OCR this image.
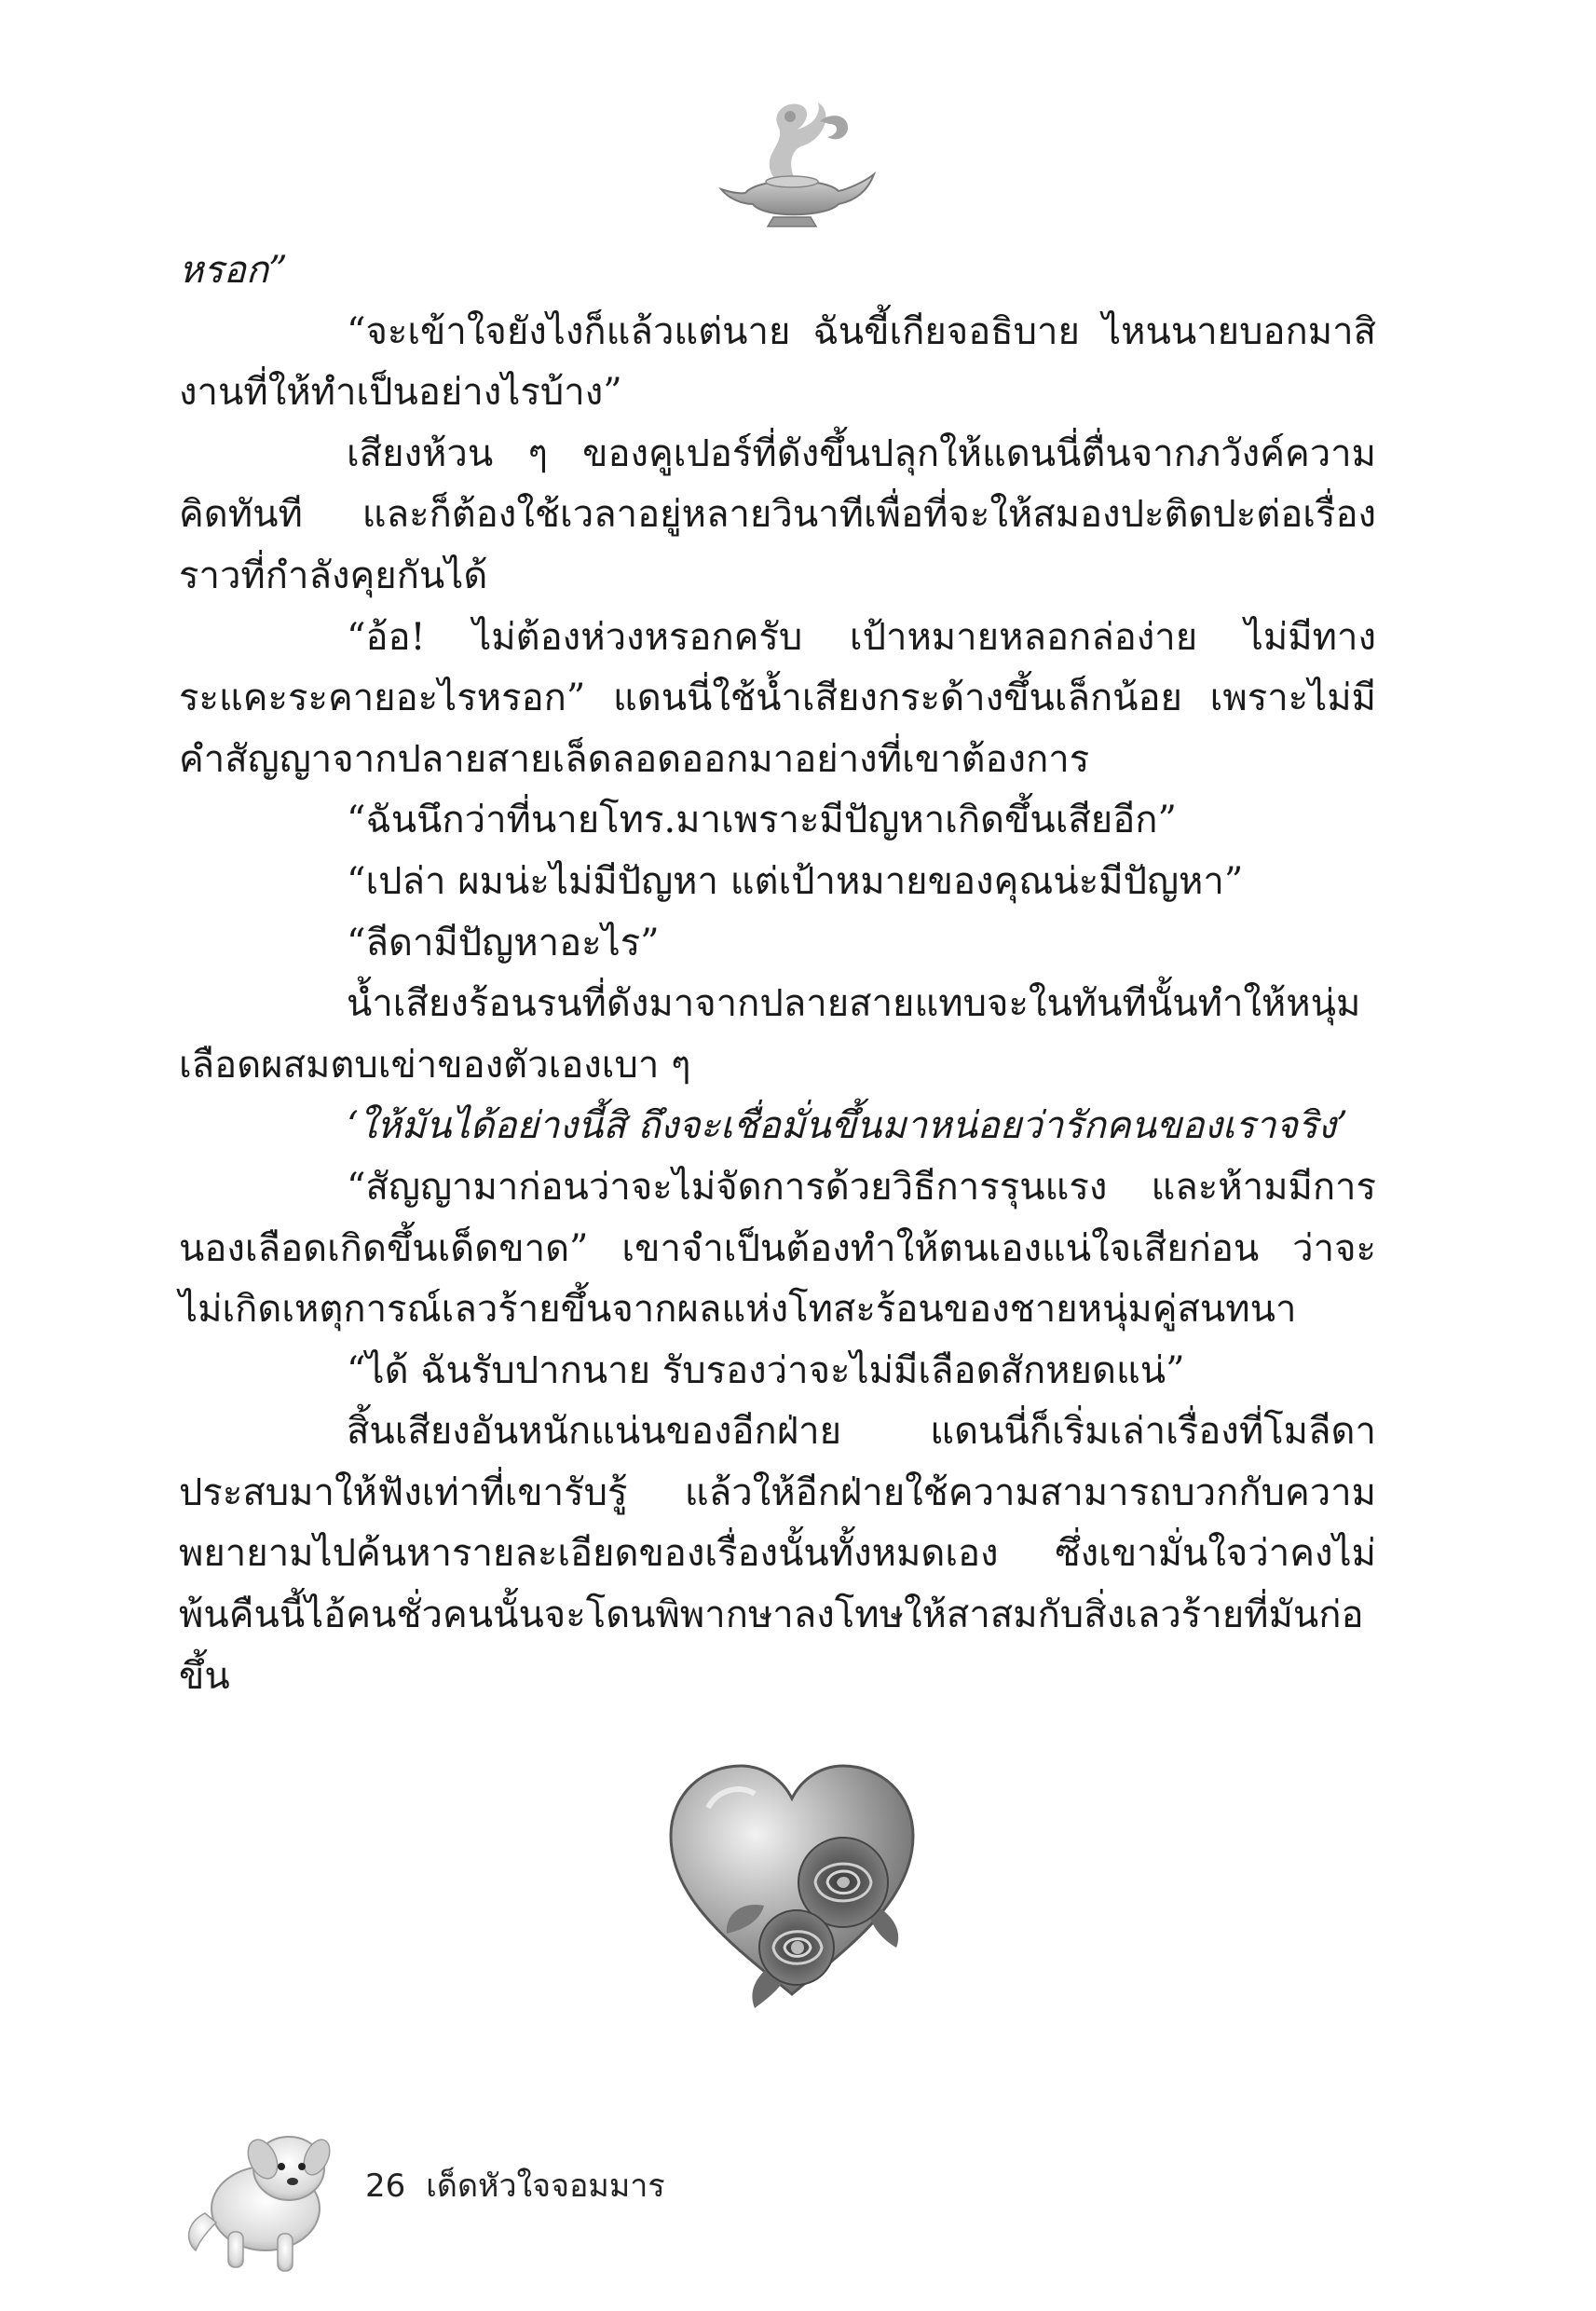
หรอก”

“จะเข้าใจยังไงก็แล้วแต่นาย ฉันขี้เกียจอธิบาย ไหนนายบอกมาสิงานที่ให้ทำเป็นอย่างไรบ้าง”

เสียงห้วน ๆ ของคูเปอร์ที่ดังขึ้นปลุกให้แดนนี่ตื่นจากภวังค์ความคิดทันที และก็ต้องใช้เวลาอยู่หลายวินาทีเพื่อที่จะให้สมองปะติดปะต่อเรื่องราวที่กำลังคุยกันได้

“อ้อ! ไม่ต้องห่วงหรอกครับ เป้าหมายหลอกล่อง่าย ไม่มีทางระแคะระคายอะไรหรอก” แดนนี่ใช้น้ำเสียงกระด้างขึ้นเล็กน้อย เพราะไม่มีคำสัญญาจากปลายสายเล็ดลอดออกมาอย่างที่เขาต้องการ

“ฉันนึกว่าที่นายโทร.มาเพราะมีปัญหาเกิดขึ้นเสียอีก”

“เปล่า ผมน่ะไม่มีปัญหา แต่เป้าหมายของคุณน่ะมีปัญหา”

“ลีดามีปัญหาอะไร”

น้ำเสียงร้อนรนที่ดังมาจากปลายสายแทบจะในทันทีนั้นทำให้หนุ่มเลือดผสมตบเข่าของตัวเองเบา ๆ

‘ให้มันได้อย่างนี้สิ ถึงจะเชื่อมั่นขึ้นมาหน่อยว่ารักคนของเราจริง’

“สัญญามาก่อนว่าจะไม่จัดการด้วยวิธีการรุนแรง และห้ามมีการนองเลือดเกิดขึ้นเด็ดขาด” เขาจำเป็นต้องทำให้ตนเองแน่ใจเสียก่อน ว่าจะไม่เกิดเหตุการณ์เลวร้ายขึ้นจากผลแห่งโทสะร้อนของชายหนุ่มคู่สนทนา

“ได้ ฉันรับปากนาย รับรองว่าจะไม่มีเลือดสักหยดแน่”

สิ้นเสียงอันหนักแน่นของอีกฝ่าย แดนนี่ก็เริ่มเล่าเรื่องที่โมลีดาประสบมาให้ฟังเท่าที่เขารับรู้ แล้วให้อีกฝ่ายใช้ความสามารถบวกกับความพยายามไปค้นหารายละเอียดของเรื่องนั้นทั้งหมดเอง ซึ่งเขามั่นใจว่าคงไม่พ้นคืนนี้ไอ้คนชั่วคนนั้นจะโดนพิพากษาลงโทษให้สาสมกับสิ่งเลวร้ายที่มันก่อขึ้น

26 เด็ดหัวใจจอมมาร
